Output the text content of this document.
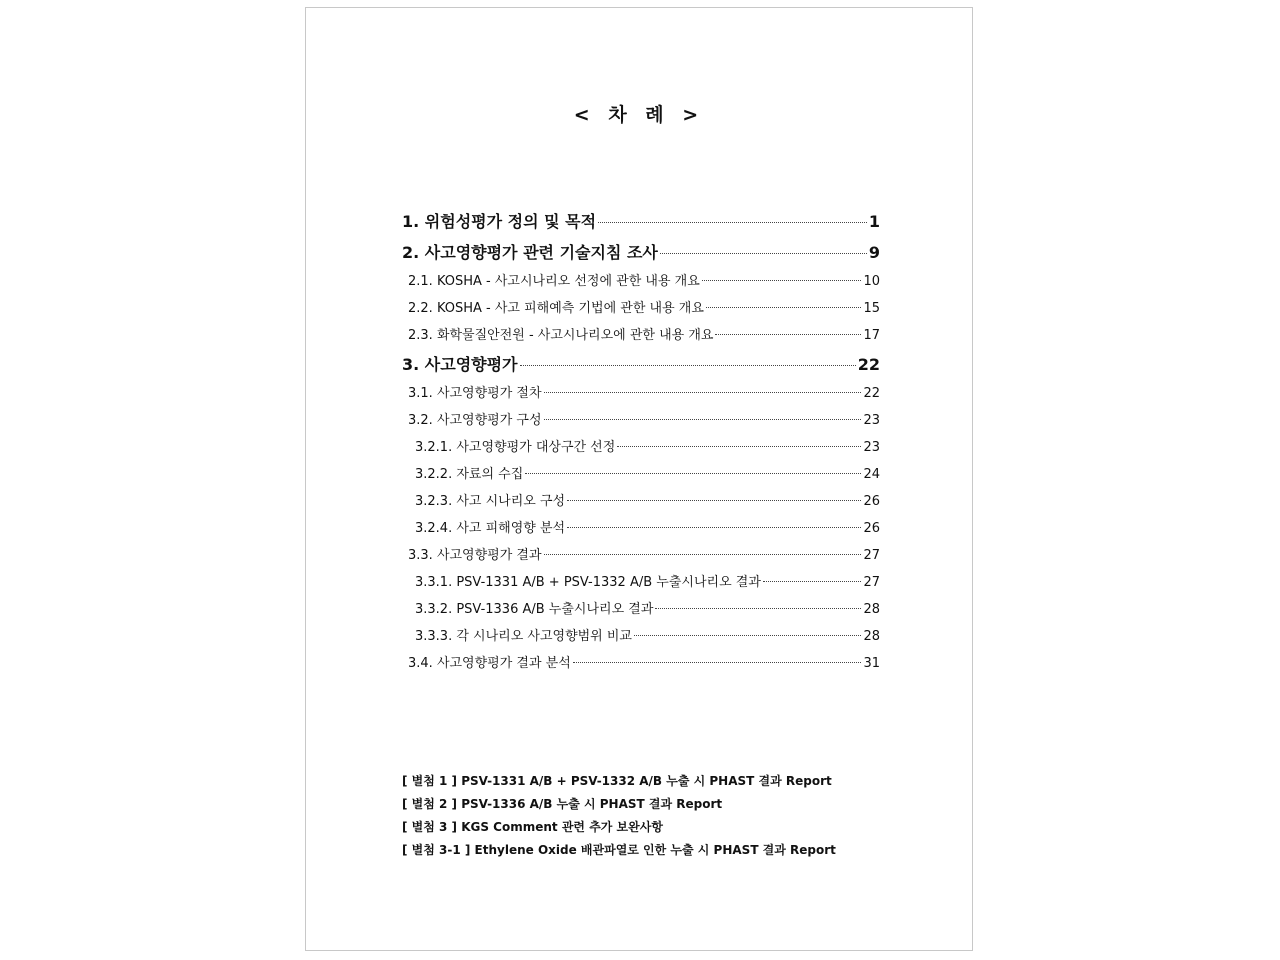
< 차 례 >
1. 위험성평가 정의 및 목적	1
2. 사고영향평가 관련 기술지침 조사	9
2.1. KOSHA - 사고시나리오 선정에 관한 내용 개요	10
2.2. KOSHA - 사고 피해예측 기법에 관한 내용 개요	15
2.3. 화학물질안전원 - 사고시나리오에 관한 내용 개요	17
3. 사고영향평가	22
3.1. 사고영향평가 절차	22
3.2. 사고영향평가 구성	23
3.2.1. 사고영향평가 대상구간 선정	23
3.2.2. 자료의 수집	24
3.2.3. 사고 시나리오 구성	26
3.2.4. 사고 피해영향 분석	26
3.3. 사고영향평가 결과	27
3.3.1. PSV-1331 A/B + PSV-1332 A/B 누출시나리오 결과	27
3.3.2. PSV-1336 A/B 누출시나리오 결과	28
3.3.3. 각 시나리오 사고영향범위 비교	28
3.4. 사고영향평가 결과 분석	31
[ 별첨 1 ] PSV-1331 A/B + PSV-1332 A/B 누출 시 PHAST 결과 Report
[ 별첨 2 ] PSV-1336 A/B 누출 시 PHAST 결과 Report
[ 별첨 3 ] KGS Comment 관련 추가 보완사항
[ 별첨 3-1 ] Ethylene Oxide 배관파열로 인한 누출 시 PHAST 결과 Report
